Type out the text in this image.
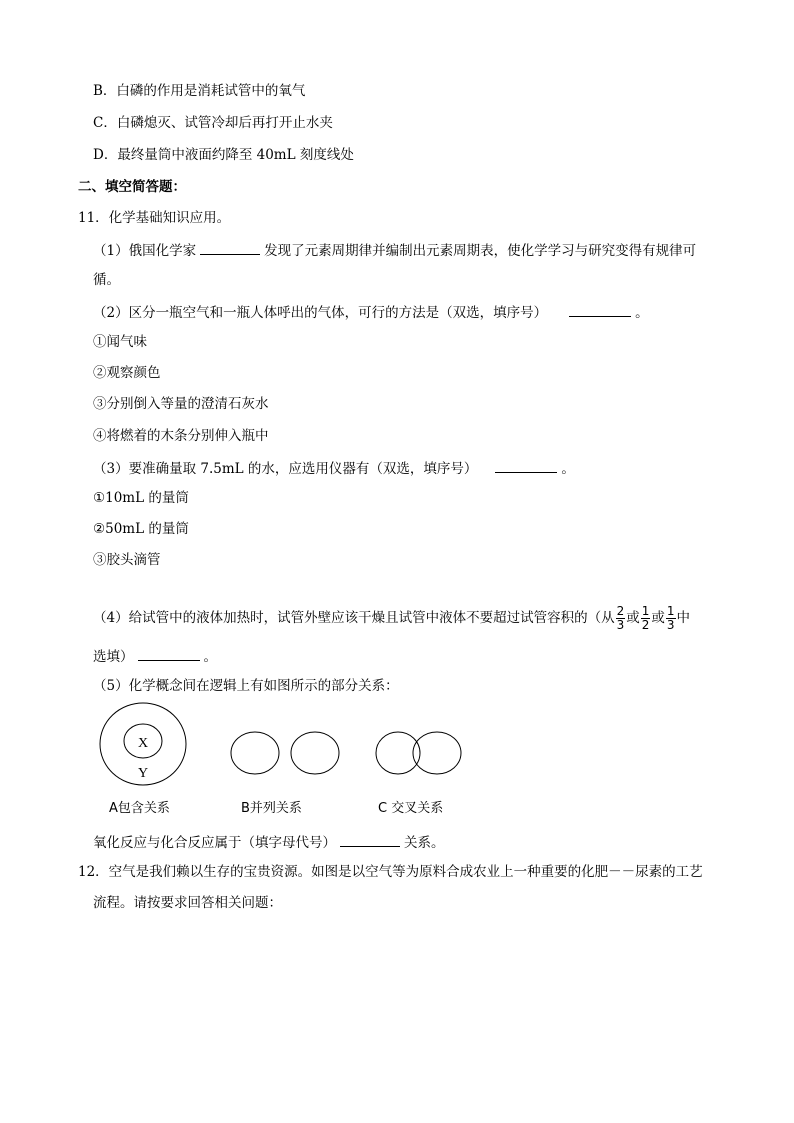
B．白磷的作用是消耗试管中的氧气
C．白磷熄灭、试管冷却后再打开止水夹
D．最终量筒中液面约降至 40mL 刻度线处
二、填空简答题：
11．化学基础知识应用。
（1）俄国化学家	发现了元素周期律并编制出元素周期表，使化学学习与研究变得有规律可
循。
（2）区分一瓶空气和一瓶人体呼出的气体，可行的方法是（双选，填序号）	。
①闻气味
②观察颜色
③分别倒入等量的澄清石灰水
④将燃着的木条分别伸入瓶中
（3）要准确量取 7.5mL 的水，应选用仪器有（双选，填序号）	。
①10mL 的量筒
②50mL 的量筒
③胶头滴管
（4）给试管中的液体加热时，试管外壁应该干燥且试管中液体不要超过试管容积的（从 $\frac{2}{3}$ 或 $\frac{1}{2}$ 或 $\frac{1}{3}$ 中
选填）	。
（5）化学概念间在逻辑上有如图所示的部分关系：
X
Y
A包含关系	B并列关系	C 交叉关系
氧化反应与化合反应属于（填字母代号）	关系。
12．空气是我们赖以生存的宝贵资源。如图是以空气等为原料合成农业上一种重要的化肥－－尿素的工艺
流程。请按要求回答相关问题：
